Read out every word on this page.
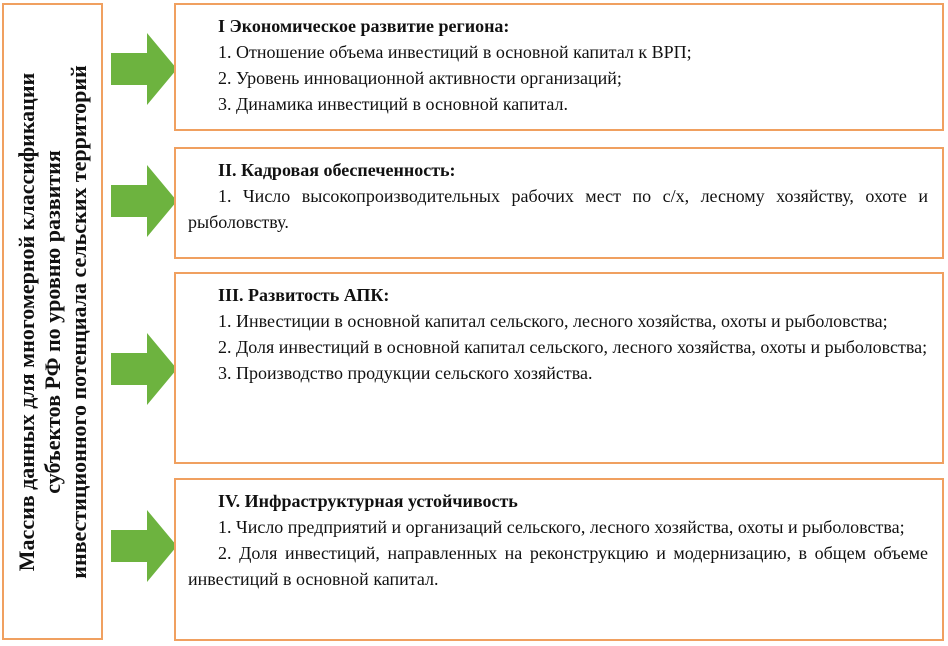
Массив данных для многомерной классификации субъектов РФ по уровню развития инвестиционного потенциала сельских территорий

I Экономическое развитие региона:

1. Отношение объема инвестиций в основной капитал к ВРП;

2. Уровень инновационной активности организаций;

3. Динамика инвестиций в основной капитал.

II. Кадровая обеспеченность:

1. Число высокопроизводительных рабочих мест по с/х, лесному хозяйству, охоте и рыболовству.

III. Развитость АПК:

1. Инвестиции в основной капитал сельского, лесного хозяйства, охоты и рыболовства;

2. Доля инвестиций в основной капитал сельского, лесного хозяйства, охоты и рыболовства;

3. Производство продукции сельского хозяйства.

IV. Инфраструктурная устойчивость

1. Число предприятий и организаций сельского, лесного хозяйства, охоты и рыболовства;

2. Доля инвестиций, направленных на реконструкцию и модернизацию, в общем объеме инвестиций в основной капитал.
